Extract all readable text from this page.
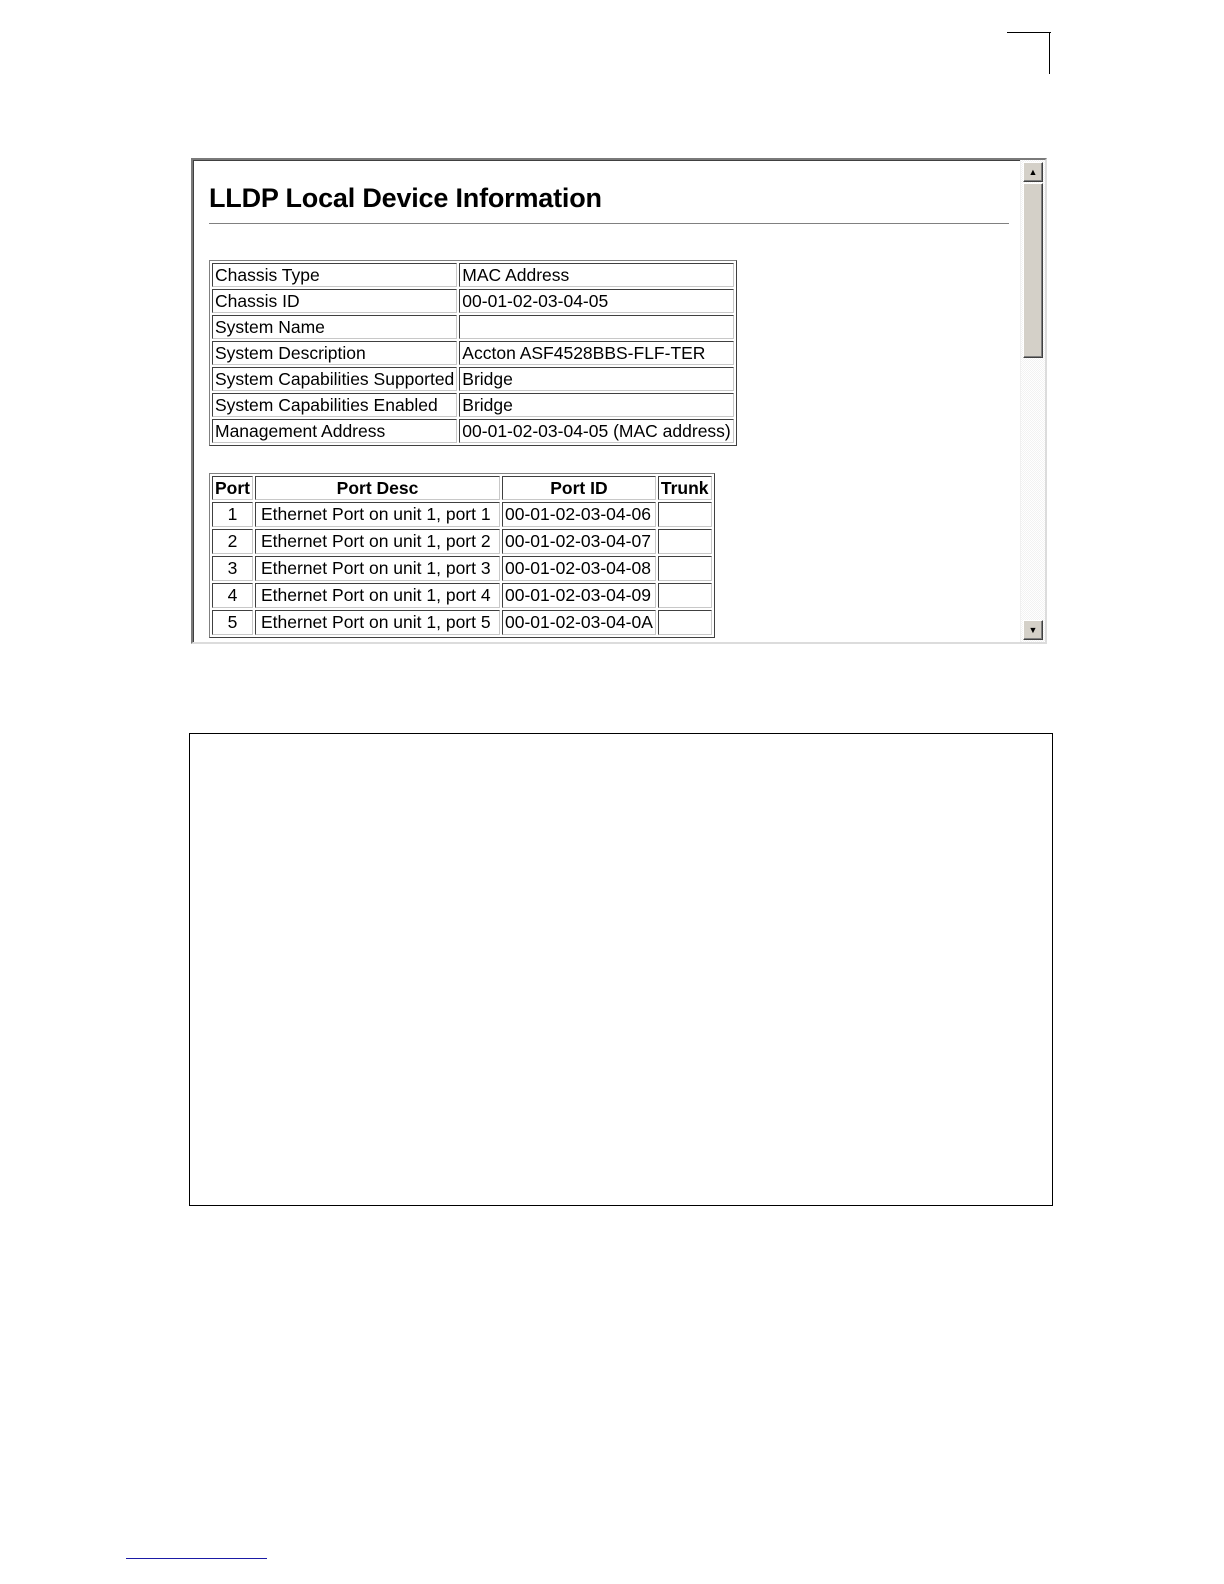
LLDP Local Device Information
Chassis Type	MAC Address
Chassis ID	00-01-02-03-04-05
System Name	
System Description	Accton ASF4528BBS-FLF-TER
System Capabilities Supported	Bridge
System Capabilities Enabled	Bridge
Management Address	00-01-02-03-04-05 (MAC address)
Port	Port Desc	Port ID	Trunk
1	Ethernet Port on unit 1, port 1	00-01-02-03-04-06	
2	Ethernet Port on unit 1, port 2	00-01-02-03-04-07	
3	Ethernet Port on unit 1, port 3	00-01-02-03-04-08	
4	Ethernet Port on unit 1, port 4	00-01-02-03-04-09	
5	Ethernet Port on unit 1, port 5	00-01-02-03-04-0A	
▲
▼
